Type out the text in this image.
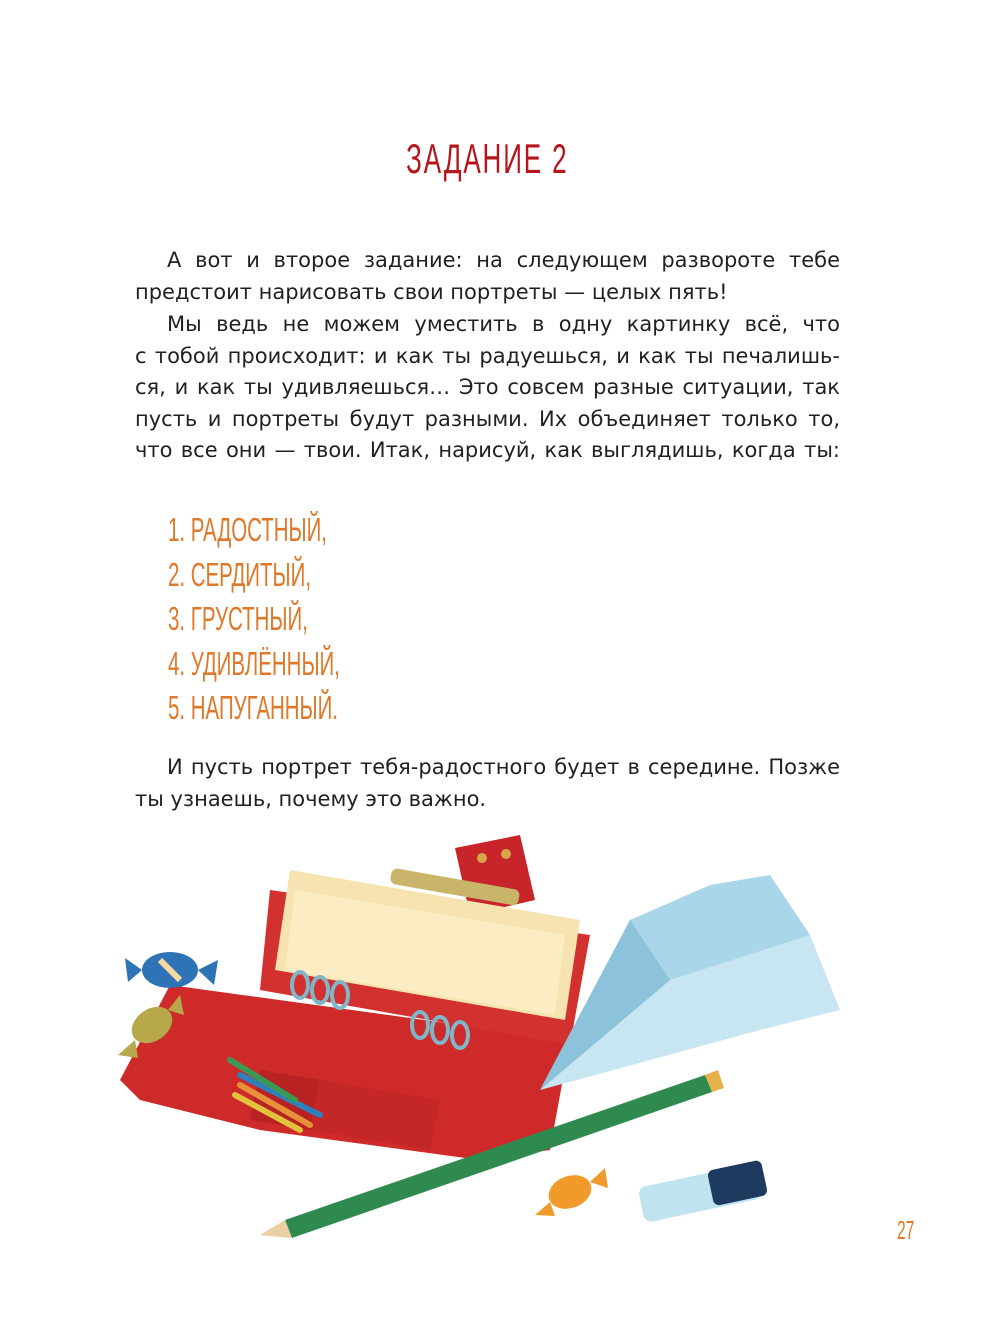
ЗАДАНИЕ 2
А вот и второе задание: на следующем развороте тебе
предстоит нарисовать свои портреты — целых пять!
Мы ведь не можем уместить в одну картинку всё, что
с тобой происходит: и как ты радуешься, и как ты печалишь-
ся, и как ты удивляешься… Это совсем разные ситуации, так
пусть и портреты будут разными. Их объединяет только то,
что все они — твои. Итак, нарисуй, как выглядишь, когда ты:
1. РАДОСТНЫЙ,
2. СЕРДИТЫЙ,
3. ГРУСТНЫЙ,
4. УДИВЛЁННЫЙ,
5. НАПУГАННЫЙ.
И пусть портрет тебя-радостного будет в середине. Позже
ты узнаешь, почему это важно.
27
